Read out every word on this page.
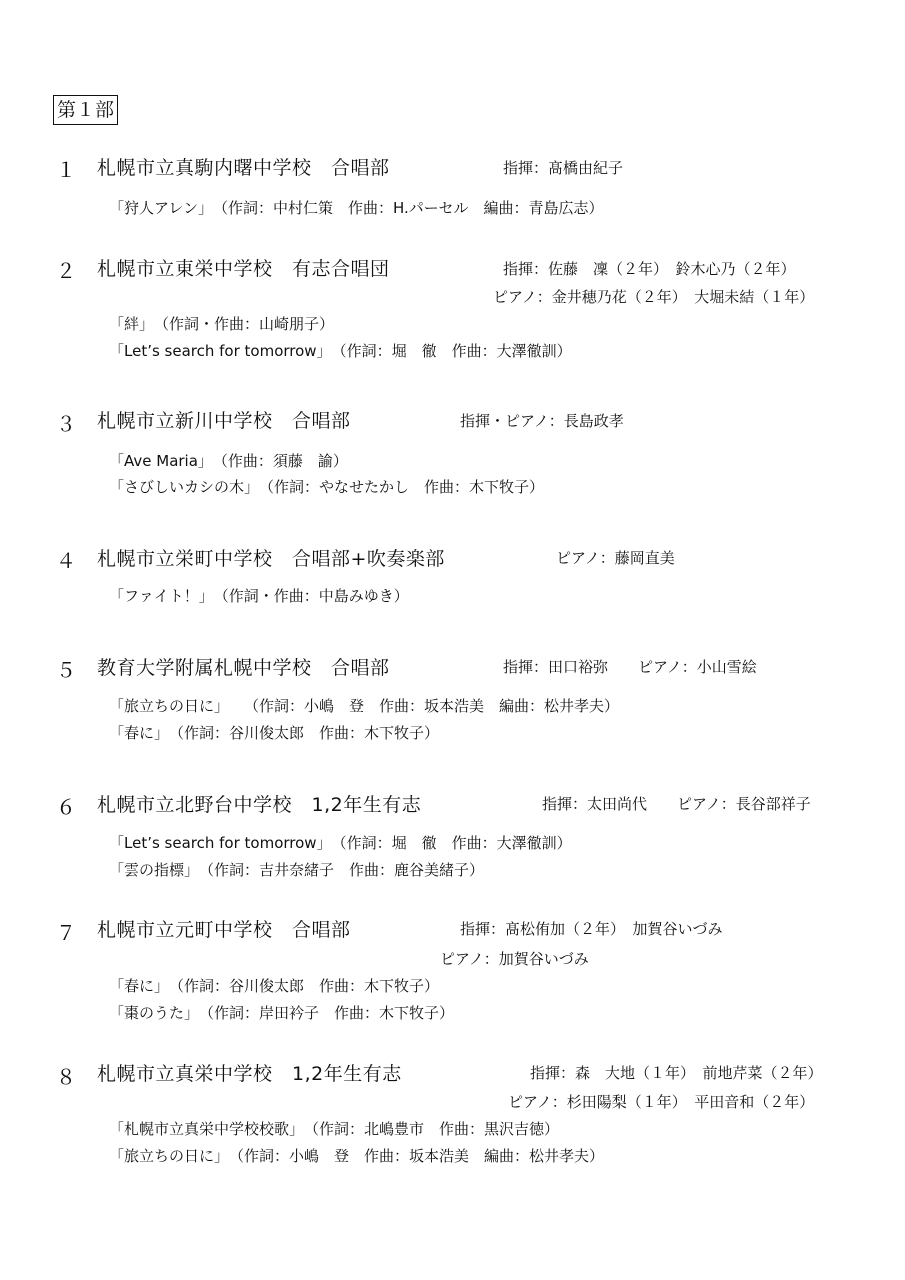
第１部
１ 札幌市立真駒内曙中学校　合唱部	指揮：髙橋由紀子
「狩人アレン」　（作詞：中村仁策　作曲：H.パーセル　編曲：青島広志）
２ 札幌市立東栄中学校　有志合唱団	指揮：佐藤　凜（２年）　鈴木心乃（２年）
ピアノ：金井穂乃花（２年）　大堀未結（１年）
「絆」　（作詞・作曲：山崎朋子）
「Let’s search for tomorrow」　（作詞：堀　徹　作曲：大澤徹訓）
３ 札幌市立新川中学校　合唱部	指揮・ピアノ：長島政孝
「Ave Maria」　（作曲：須藤　諭）
「さびしいカシの木」　（作詞：やなせたかし　作曲：木下牧子）
４ 札幌市立栄町中学校　合唱部+吹奏楽部	ピアノ：藤岡直美
「ファイト！」　（作詞・作曲：中島みゆき）
５ 教育大学附属札幌中学校　合唱部	指揮：田口裕弥　　ピアノ：小山雪絵
「旅立ちの日に」　　（作詞：小嶋　登　作曲：坂本浩美　編曲：松井孝夫）
「春に」　（作詞：谷川俊太郎　作曲：木下牧子）
６ 札幌市立北野台中学校　1,2年生有志	指揮：太田尚代　　ピアノ：長谷部祥子
「Let’s search for tomorrow」　（作詞：堀　徹　作曲：大澤徹訓）
「雲の指標」　（作詞：吉井奈緒子　作曲：鹿谷美緒子）
７ 札幌市立元町中学校　合唱部	指揮：髙松侑加（２年）　加賀谷いづみ
ピアノ：加賀谷いづみ
「春に」　（作詞：谷川俊太郎　作曲：木下牧子）
「棗のうた」　（作詞：岸田衿子　作曲：木下牧子）
８ 札幌市立真栄中学校　1,2年生有志	指揮：森　大地（１年）　前地芹菜（２年）
ピアノ：杉田陽梨（１年）　平田音和（２年）
「札幌市立真栄中学校校歌」　（作詞：北嶋豊市　作曲：黒沢吉徳）
「旅立ちの日に」　（作詞：小嶋　登　作曲：坂本浩美　編曲：松井孝夫）
